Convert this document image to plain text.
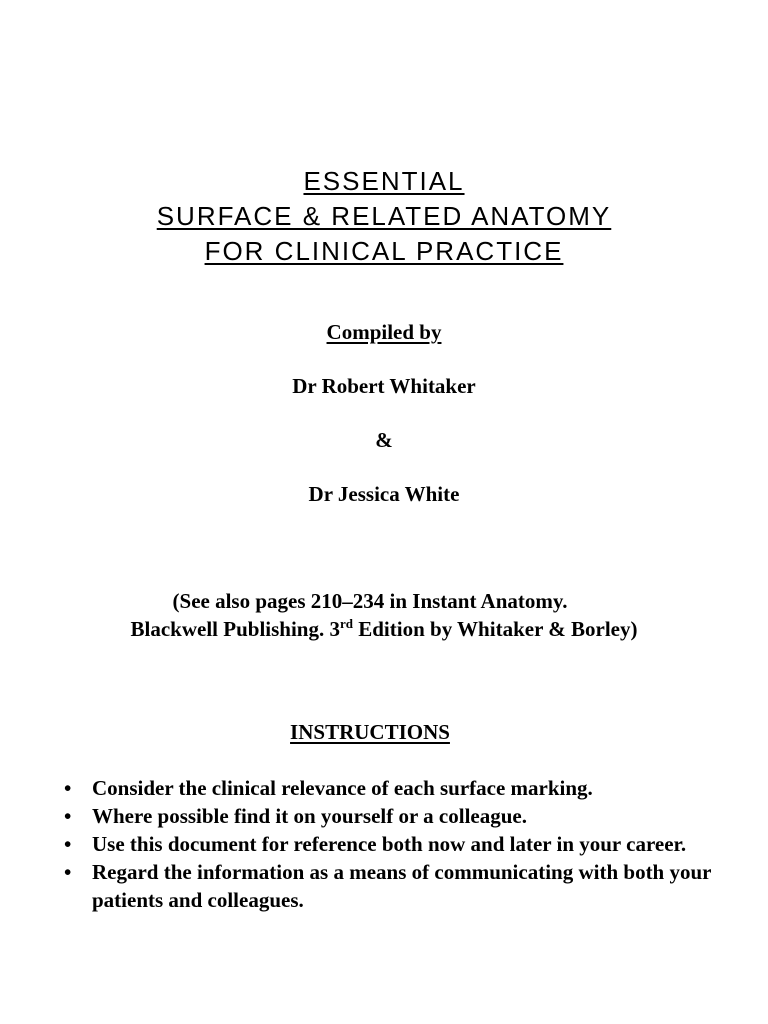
ESSENTIAL
SURFACE & RELATED ANATOMY
FOR CLINICAL PRACTICE
Compiled by
Dr Robert Whitaker
&
Dr Jessica White
(See also pages 210–234 in Instant Anatomy.
Blackwell Publishing. 3rd Edition by Whitaker & Borley)
INSTRUCTIONS
• Consider the clinical relevance of each surface marking.
• Where possible find it on yourself or a colleague.
• Use this document for reference both now and later in your career.
• Regard the information as a means of communicating with both your patients and colleagues.
